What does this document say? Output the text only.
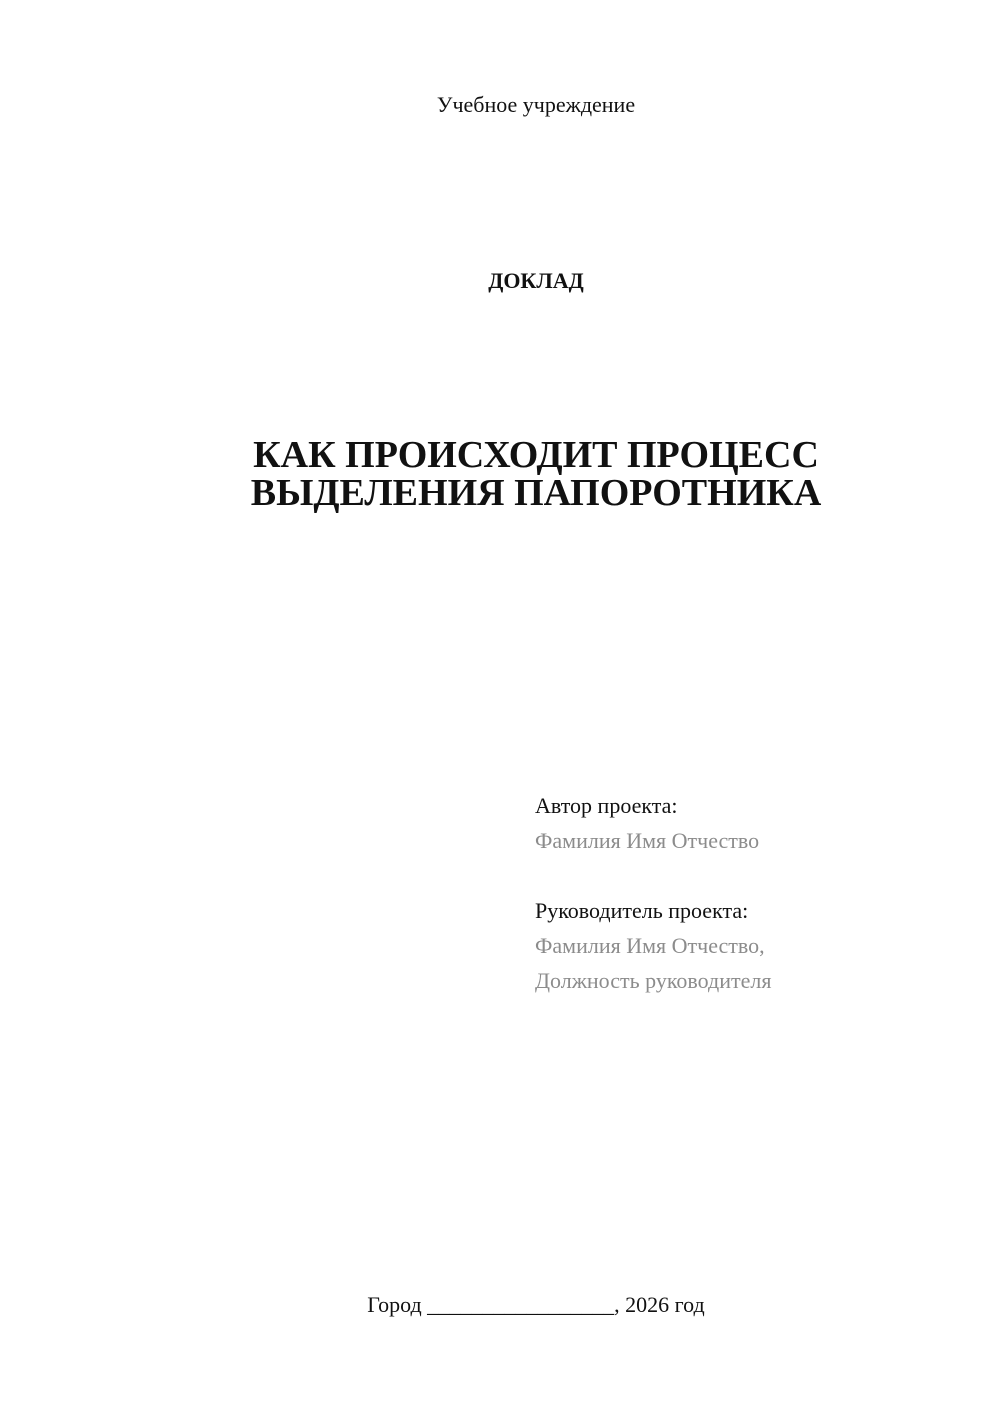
Учебное учреждение
ДОКЛАД
КАК ПРОИСХОДИТ ПРОЦЕСС
ВЫДЕЛЕНИЯ ПАПОРОТНИКА
Автор проекта:
Фамилия Имя Отчество
Руководитель проекта:
Фамилия Имя Отчество,
Должность руководителя
Город _________________, 2026 год
